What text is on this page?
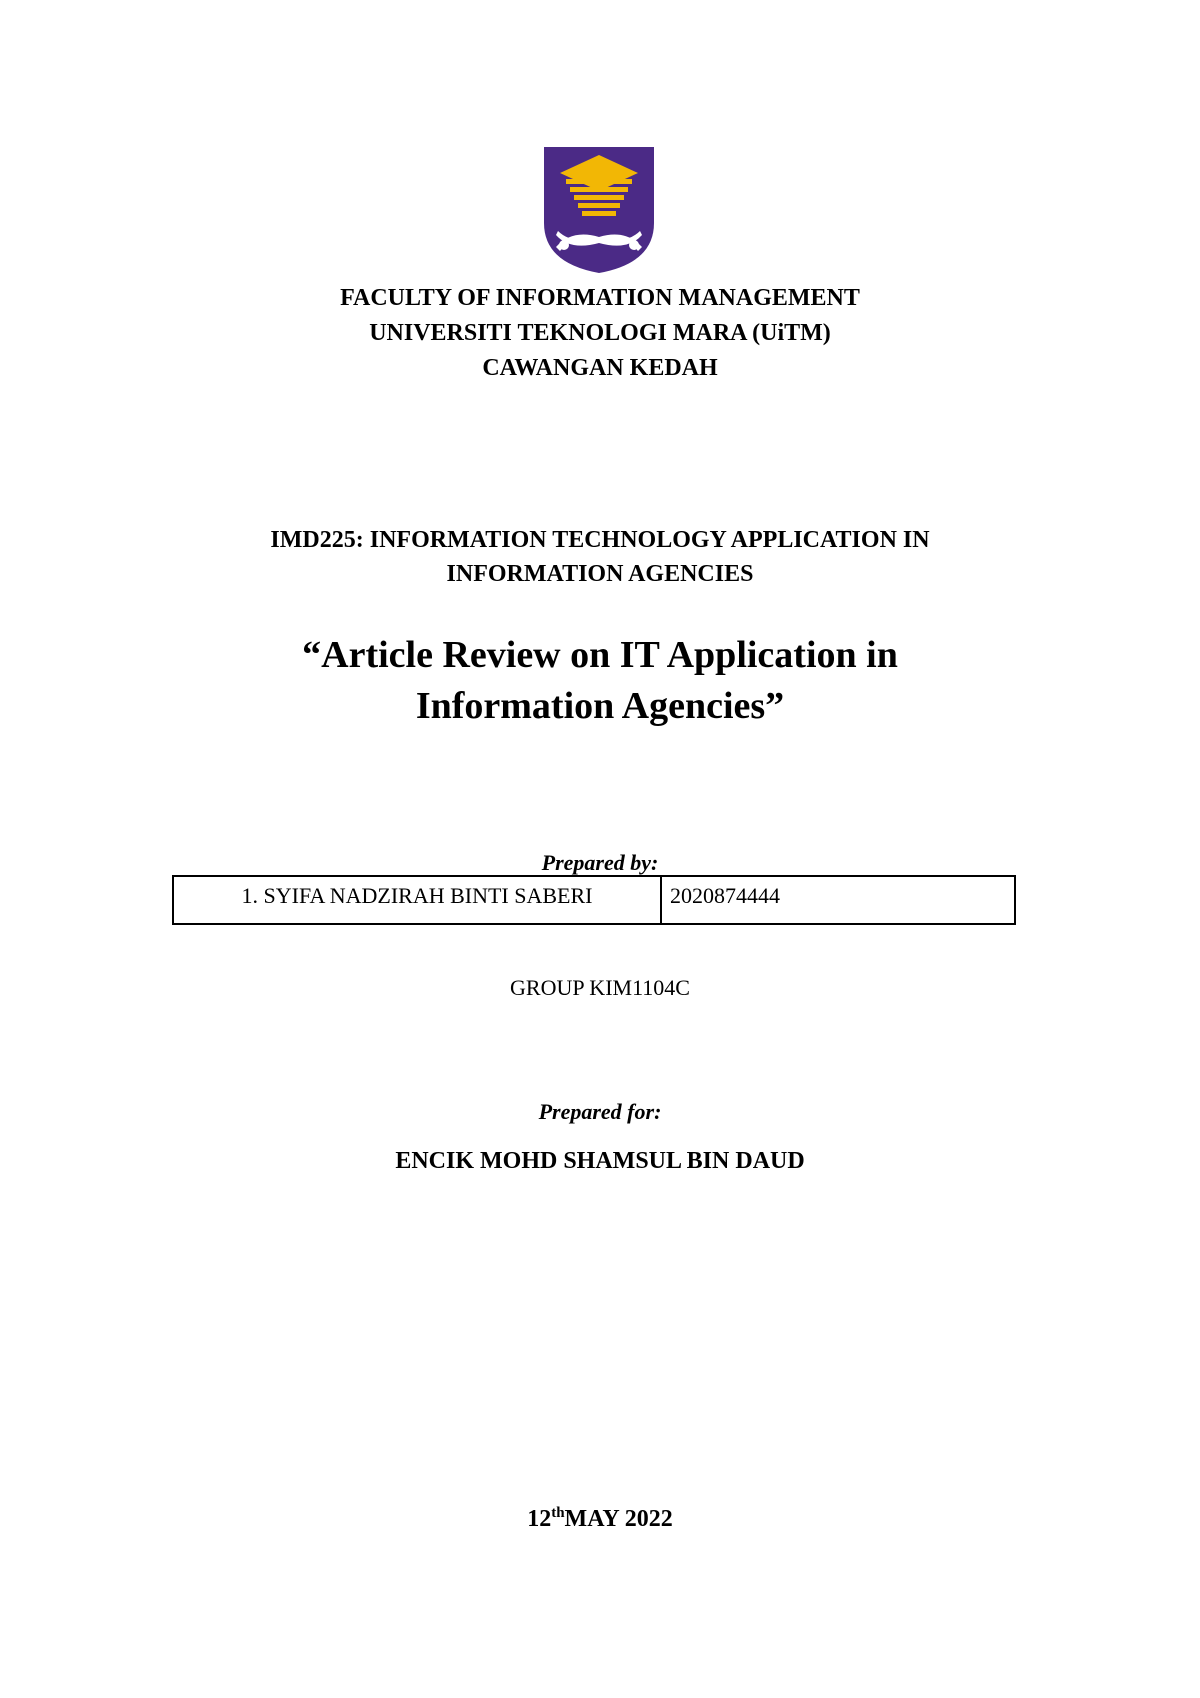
FACULTY OF INFORMATION MANAGEMENT
UNIVERSITI TEKNOLOGI MARA (UiTM)
CAWANGAN KEDAH
IMD225: INFORMATION TECHNOLOGY APPLICATION IN
INFORMATION AGENCIES
“Article Review on IT Application in
Information Agencies”
Prepared by:
1. SYIFA NADZIRAH BINTI SABERI	2020874444
GROUP KIM1104C
Prepared for:
ENCIK MOHD SHAMSUL BIN DAUD
12thMAY 2022
